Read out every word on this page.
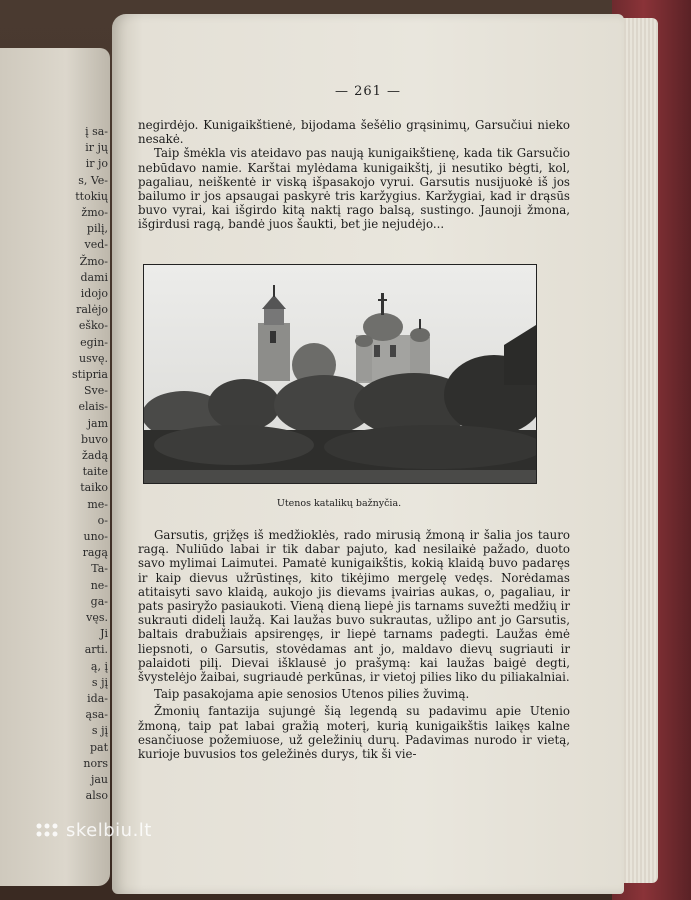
į sa-
ir jų
ir jo
s, Ve-
ttokių
žmo-
pilį,
ved-
Žmo-
dami
idojo
ralėjo
eško-
egin-
usvę.
stipria
Sve-
elais-
jam
buvo
žadą
taite
taiko
me-
o-
uno-
ragą
Ta-
ne-
ga-
vęs.
Ji
arti.
ą, į
s jį
ida-
ąsa-
s jį
pat
nors
jau
also
— 261 —

negirdėjo. Kunigaikštienė, bijodama šešėlio grąsinimų, Garsučiui nieko nesakė.

Taip šmėkla vis ateidavo pas naują kunigaikštienę, kada tik Garsučio nebūdavo namie. Karštai mylėdama kunigaikštį, ji nesutiko bėgti, kol, pagaliau, neiškentė ir viską išpasakojo vyrui. Garsutis nusijuokė iš jos bailumo ir jos apsaugai paskyrė tris karžygius. Karžygiai, kad ir drąsūs buvo vyrai, kai išgirdo kitą naktį rago balsą, sustingo. Jaunoji žmona, išgirdusi ragą, bandė juos šaukti, bet jie nejudėjo...

Utenos katalikų bažnyčia.

Garsutis, grįžęs iš medžioklės, rado mirusią žmoną ir šalia jos tauro ragą. Nuliūdo labai ir tik dabar pajuto, kad nesilaikė pažado, duoto savo mylimai Laimutei. Pamatė kunigaikštis, kokią klaidą buvo padaręs ir kaip dievus užrūstinęs, kito tikėjimo mergelę vedęs. Norėdamas atitaisyti savo klaidą, aukojo jis dievams įvairias aukas, o, pagaliau, ir pats pasiryžo pasiaukoti. Vieną dieną liepė jis tarnams suvežti medžių ir sukrauti didelį laužą. Kai laužas buvo sukrautas, užlipo ant jo Garsutis, baltais drabužiais apsirengęs, ir liepė tarnams padegti. Laužas ėmė liepsnoti, o Garsutis, stovėdamas ant jo, maldavo dievų sugriauti ir palaidoti pilį. Dievai išklausė jo prašymą: kai laužas baigė degti, švystelėjo žaibai, sugriaudė perkūnas, ir vietoj pilies liko du piliakalniai.

Taip pasakojama apie senosios Utenos pilies žuvimą.

Žmonių fantazija sujungė šią legendą su padavimu apie Utenio žmoną, taip pat labai gražią moterį, kurią kunigaikštis laikęs kalne esančiuose požemiuose, už geležinių durų. Padavimas nurodo ir vietą, kurioje buvusios tos geležinės durys, tik ši vie-

skelbiu.lt
